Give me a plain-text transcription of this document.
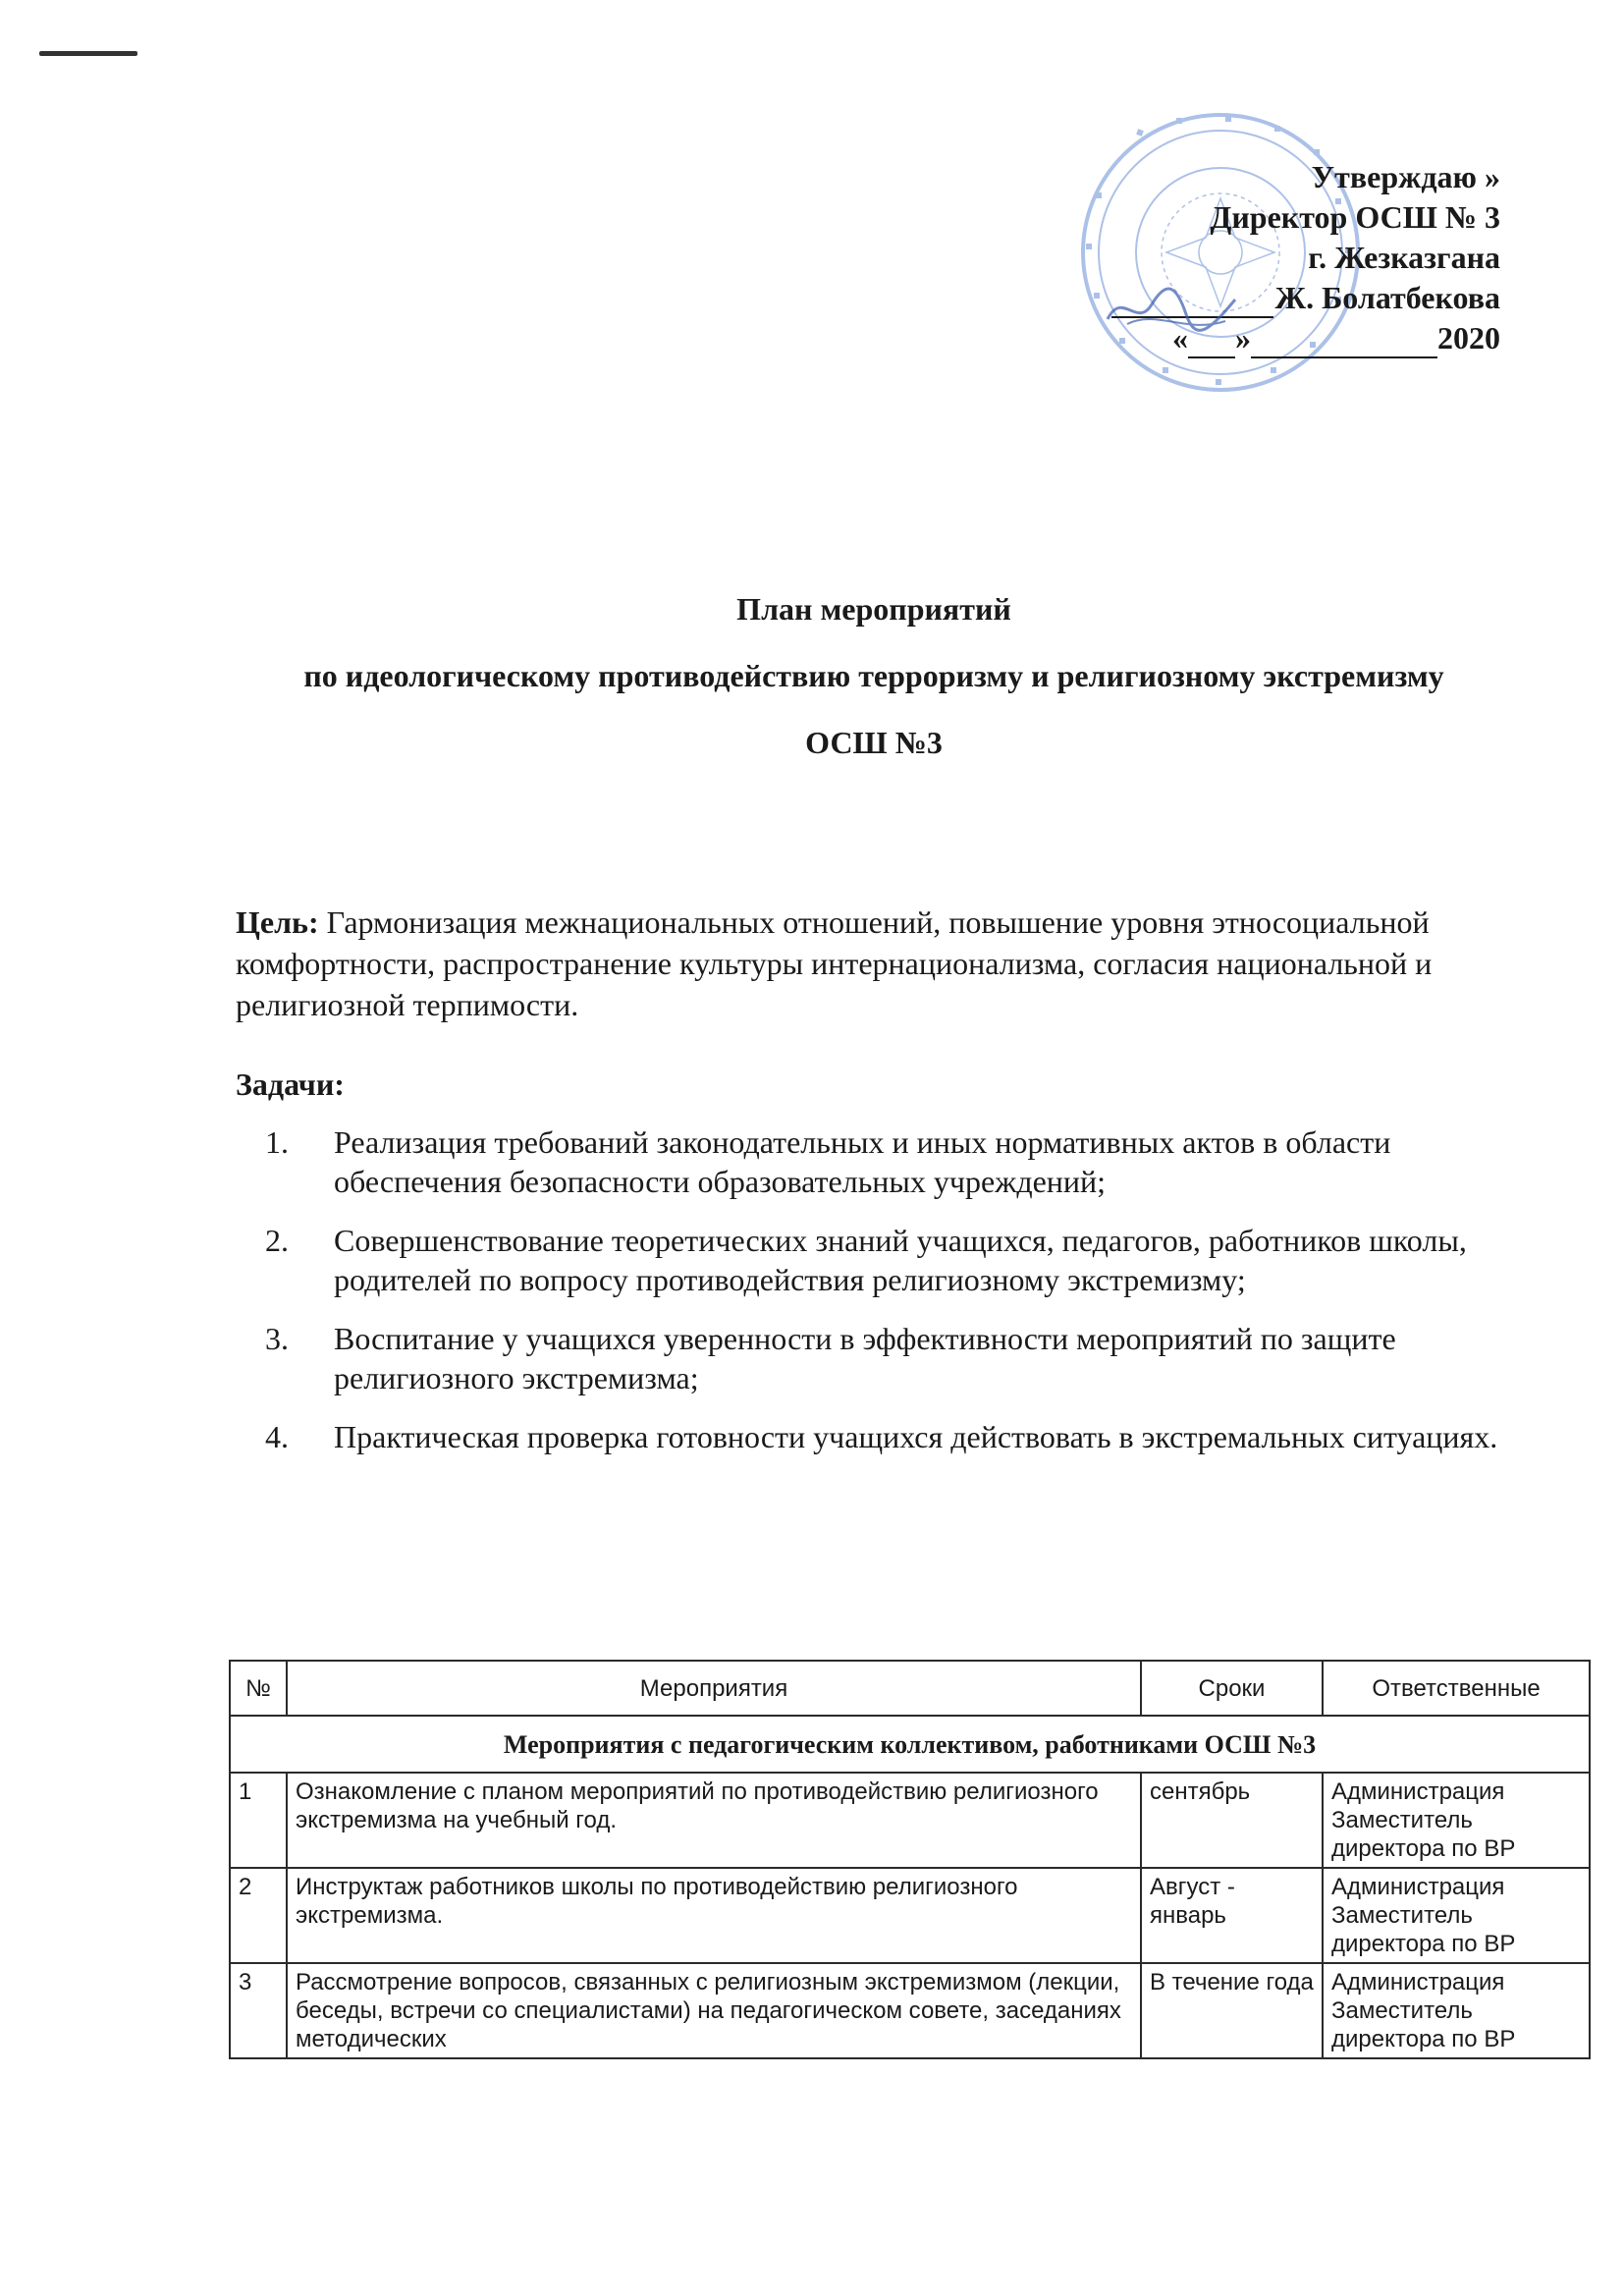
Утверждаю »
Директор ОСШ № 3
г. Жезказгана
Ж. Болатбекова
« »	2020

План мероприятий

по идеологическому противодействию терроризму и религиозному экстремизму

ОСШ №3

Цель: Гармонизация межнациональных отношений, повышение уровня этносоциальной комфортности, распространение культуры интернационализма, согласия национальной и религиозной терпимости.
Задачи:
1. Реализация требований законодательных и иных нормативных актов в области обеспечения безопасности образовательных учреждений;
2. Совершенствование теоретических знаний учащихся, педагогов, работников школы, родителей по вопросу противодействия религиозному экстремизму;
3. Воспитание у учащихся уверенности в эффективности мероприятий по защите религиозного экстремизма;
4. Практическая проверка готовности учащихся действовать в экстремальных ситуациях.
№	Мероприятия	Сроки	Ответственные
Мероприятия с педагогическим коллективом, работниками ОСШ №3			
1	Ознакомление с планом мероприятий по противодействию религиозного экстремизма на учебный год.	сентябрь	Администрация
Заместитель
директора по ВР

2	Инструктаж работников школы по противодействию религиозного экстремизма.	Август - январь	Администрация
Заместитель
директора по ВР

3	Рассмотрение вопросов, связанных с религиозным экстремизмом (лекции, беседы, встречи со специалистами) на педагогическом совете, заседаниях методических	В течение года	Администрация
Заместитель
директора по ВР
